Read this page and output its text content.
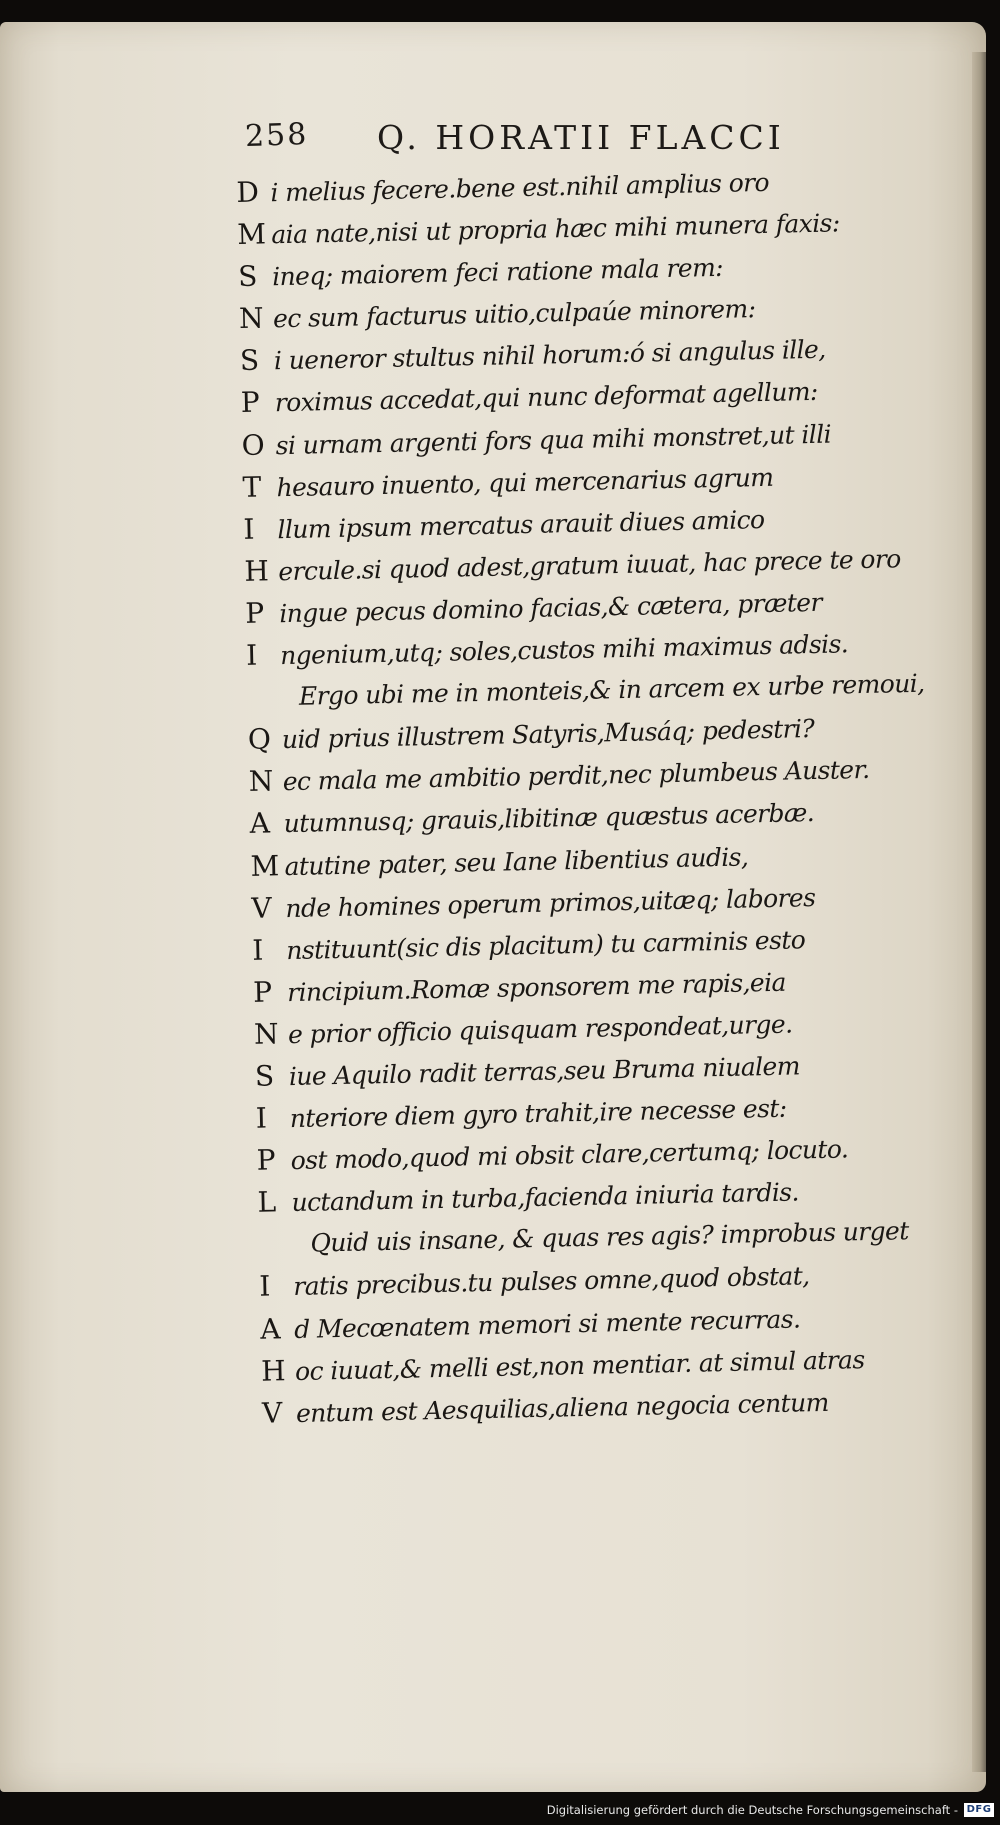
258 Q. HORATII FLACCI
D i melius fecere.bene est.nihil amplius oro
M aia nate,nisi ut propria hæc mihi munera faxis:
S ineq; maiorem feci ratione mala rem:
N ec sum facturus uitio,culpaúe minorem:
S i ueneror stultus nihil horum:ó si angulus ille,
P roximus accedat,qui nunc deformat agellum:
O si urnam argenti fors qua mihi monstret,ut illi
T hesauro inuento, qui mercenarius agrum
I llum ipsum mercatus arauit diues amico
H ercule.si quod adest,gratum iuuat, hac prece te oro
P ingue pecus domino facias,& cætera, præter
I ngenium,utq; soles,custos mihi maximus adsis.
Ergo ubi me in monteis,& in arcem ex urbe remoui,
Q uid prius illustrem Satyris,Musáq; pedestri?
N ec mala me ambitio perdit,nec plumbeus Auster.
A utumnusq; grauis,libitinæ quæstus acerbæ.
M atutine pater, seu Iane libentius audis,
V nde homines operum primos,uitæq; labores
I nstituunt(sic dis placitum) tu carminis esto
P rincipium.Romæ sponsorem me rapis,eia
N e prior officio quisquam respondeat,urge.
S iue Aquilo radit terras,seu Bruma niualem
I nteriore diem gyro trahit,ire necesse est:
P ost modo,quod mi obsit clare,certumq; locuto.
L uctandum in turba,facienda iniuria tardis.
Quid uis insane, & quas res agis? improbus urget
I ratis precibus.tu pulses omne,quod obstat,
A d Mecœnatem memori si mente recurras.
H oc iuuat,& melli est,non mentiar. at simul atras
V entum est Aesquilias,aliena negocia centum
Digitalisierung gefördert durch die Deutsche Forschungsgemeinschaft - DFG
